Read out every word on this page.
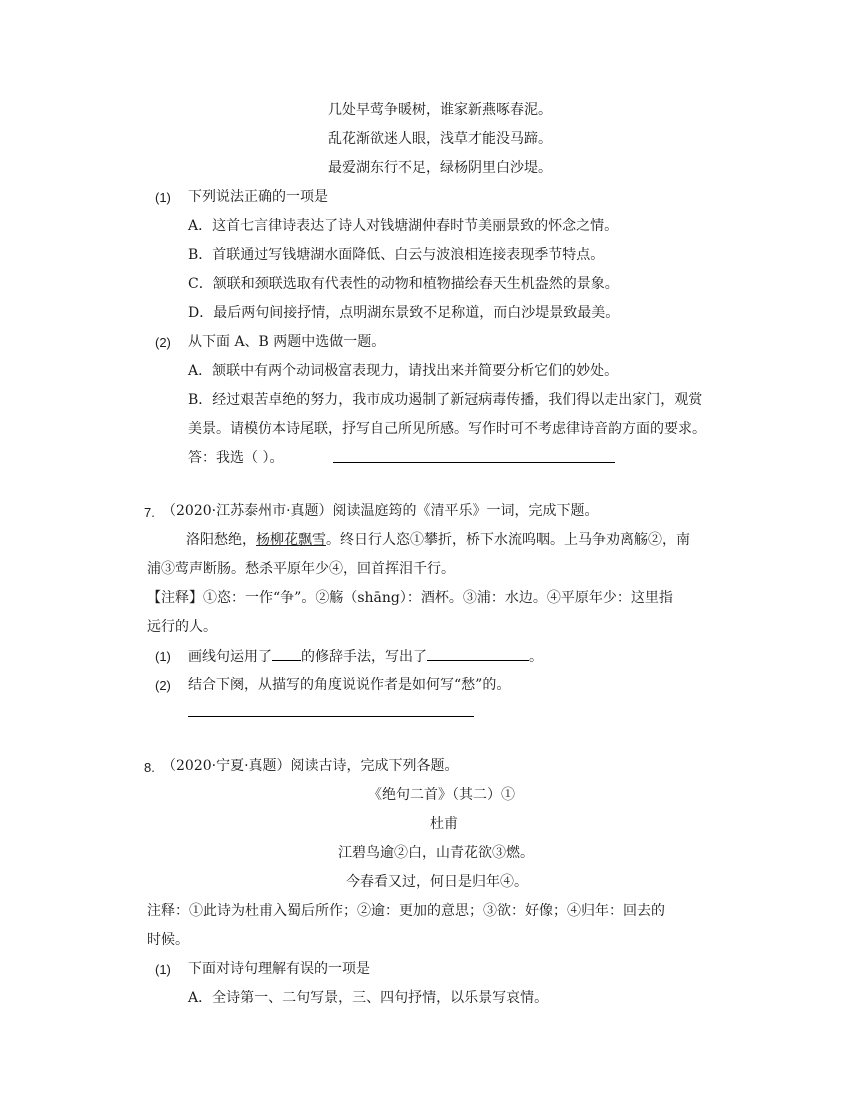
几处早莺争暖树，谁家新燕啄春泥。
乱花渐欲迷人眼，浅草才能没马蹄。
最爱湖东行不足，绿杨阴里白沙堤。
(1) 下列说法正确的一项是
A．这首七言律诗表达了诗人对钱塘湖仲春时节美丽景致的怀念之情。
B．首联通过写钱塘湖水面降低、白云与波浪相连接表现季节特点。
C．颔联和颈联选取有代表性的动物和植物描绘春天生机盎然的景象。
D．最后两句间接抒情，点明湖东景致不足称道，而白沙堤景致最美。
(2) 从下面 A、B 两题中选做一题。
A．颔联中有两个动词极富表现力，请找出来并简要分析它们的妙处。
B．经过艰苦卓绝的努力，我市成功遏制了新冠病毒传播，我们得以走出家门，观赏
美景。请模仿本诗尾联，抒写自己所见所感。写作时可不考虑律诗音韵方面的要求。
答：我选（ ）。
7. （2020·江苏泰州市·真题）阅读温庭筠的《清平乐》一词，完成下题。
洛阳愁绝，杨柳花飘雪。终日行人恣①攀折，桥下水流呜咽。上马争劝离觞②，南
浦③莺声断肠。愁杀平原年少④，回首挥泪千行。
【注释】①恣：一作“争”。②觞（shāng）：酒杯。③浦：水边。④平原年少：这里指
远行的人。
(1) 画线句运用了 的修辞手法，写出了	。
(2) 结合下阕，从描写的角度说说作者是如何写“愁”的。
8. （2020·宁夏·真题）阅读古诗，完成下列各题。
《绝句二首》（其二）①
杜甫
江碧鸟逾②白，山青花欲③燃。
今春看又过，何日是归年④。
注释：①此诗为杜甫入蜀后所作；②逾：更加的意思；③欲：好像；④归年：回去的
时候。
(1) 下面对诗句理解有误的一项是
A．全诗第一、二句写景，三、四句抒情，以乐景写哀情。
